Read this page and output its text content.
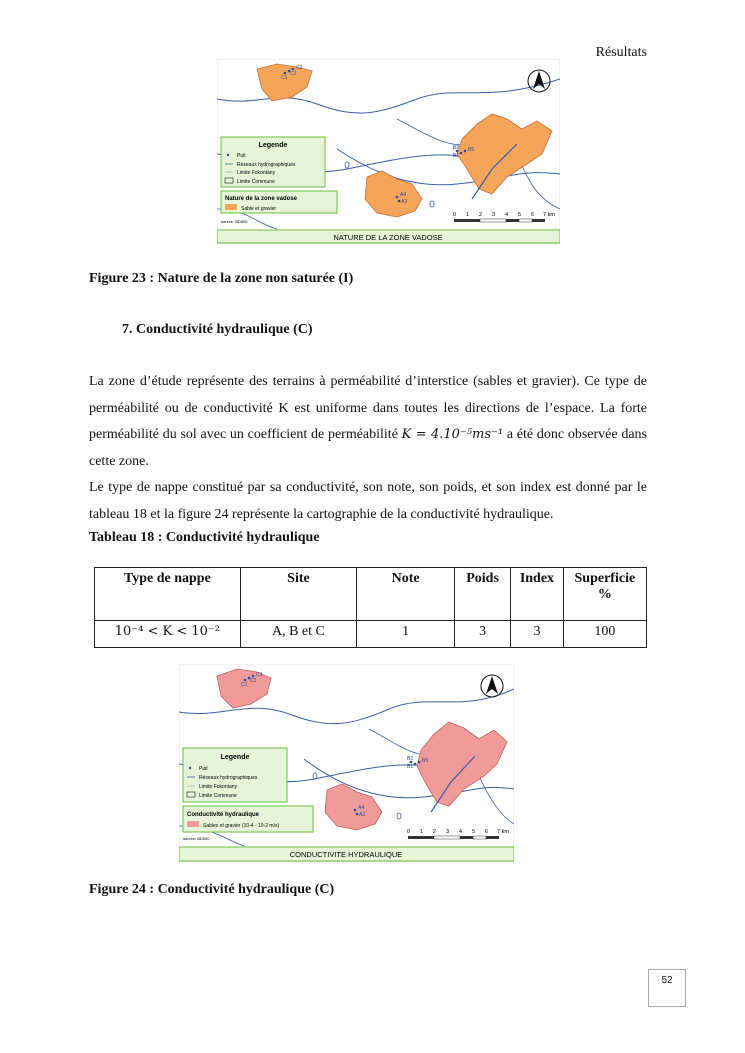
Résultats
C1
C2
C3
B2
B1
B5
A4
A3
Legende
Puit
Réseaux hydrographiques
Limite Fokontany
Limite Commune
Nature de la zone vadose
Sable et gravier
source: BD500
0 1 2 3 4 5 6 7 km
NATURE DE LA ZONE VADOSE
Figure 23 : Nature de la zone non saturée (I)
7. Conductivité hydraulique (C)

La zone d’étude représente des terrains à perméabilité d’interstice (sables et gravier). Ce type de perméabilité ou de conductivité K est uniforme dans toutes les directions de l’espace. La forte perméabilité du sol avec un coefficient de perméabilité K = 4.10⁻⁵ms⁻¹ a été donc observée dans cette zone.

Le type de nappe constitué par sa conductivité, son note, son poids, et son index est donné par le tableau 18 et la figure 24 représente la cartographie de la conductivité hydraulique.

Tableau 18 : Conductivité hydraulique
Type de nappe	Site	Note	Poids	Index	Superficie %
10⁻⁴ < K < 10⁻²	A, B et C	1	3	3	100
C1
C2
C3
B2
B1
B5
A4
A3
Legende
Puit
Réseaux hydrographiques
Limite Fokontany
Limite Commune
Conductivité hydraulique
Sables et gravier (10-4 - 10-2 m/s)
source: BD500
0 1 2 3 4 5 6 7 km
CONDUCTIVITE HYDRAULIQUE
Figure 24 : Conductivité hydraulique (C)
52
